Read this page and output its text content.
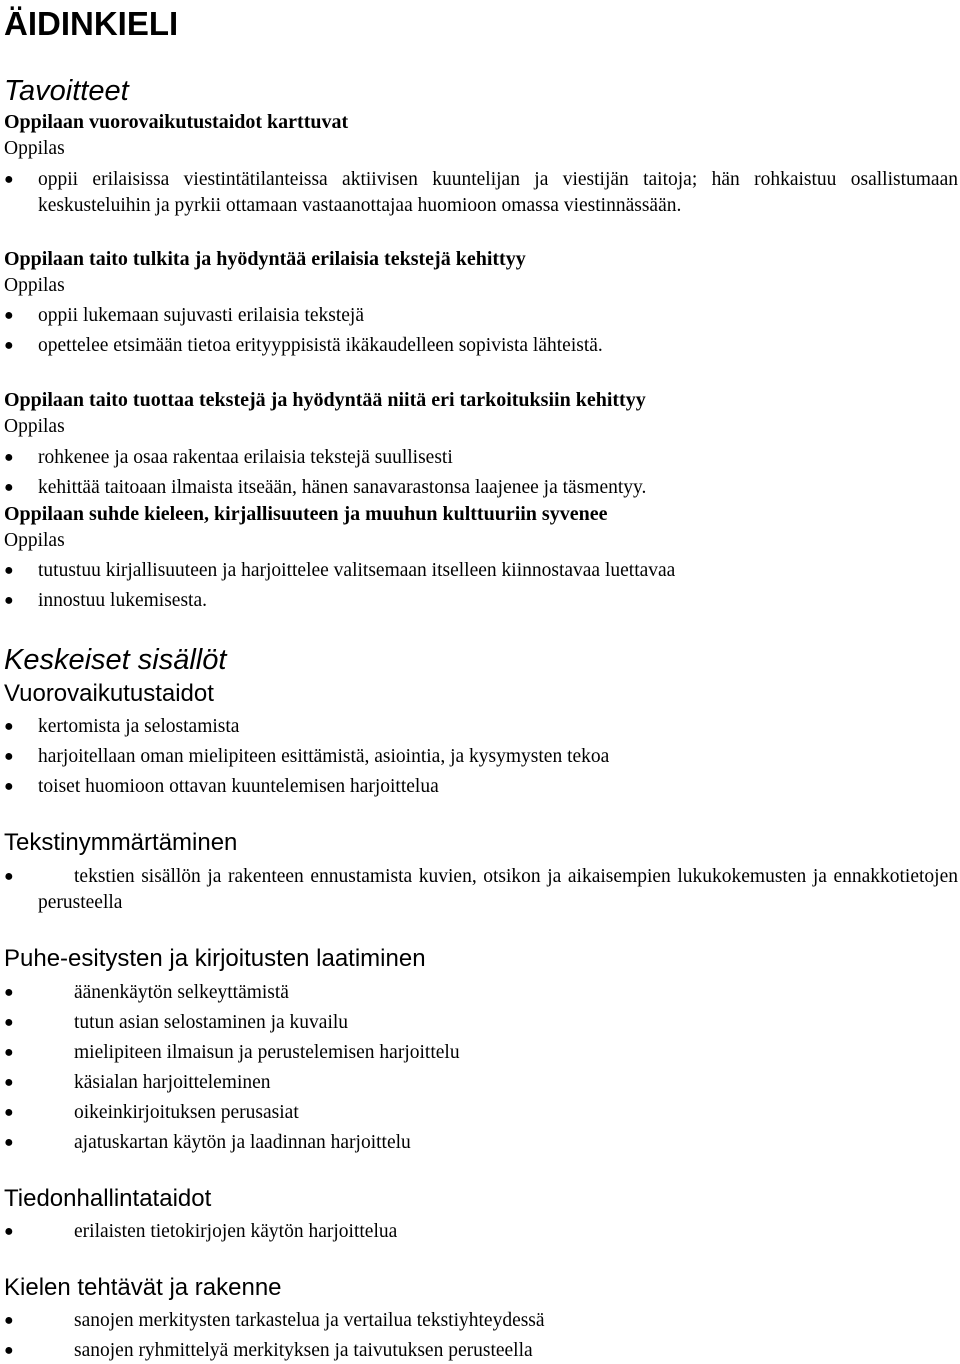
ÄIDINKIELI
Tavoitteet
Oppilaan vuorovaikutustaidot karttuvat
Oppilas
● oppii erilaisissa viestintätilanteissa aktiivisen kuuntelijan ja viestijän taitoja; hän rohkaistuu osallistumaan keskusteluihin ja pyrkii ottamaan vastaanottajaa huomioon omassa viestinnässään.
Oppilaan taito tulkita ja hyödyntää erilaisia tekstejä kehittyy
Oppilas
● oppii lukemaan sujuvasti erilaisia tekstejä
● opettelee etsimään tietoa erityyppisistä ikäkaudelleen sopivista lähteistä.
Oppilaan taito tuottaa tekstejä ja hyödyntää niitä eri tarkoituksiin kehittyy
Oppilas
● rohkenee ja osaa rakentaa erilaisia tekstejä suullisesti
● kehittää taitoaan ilmaista itseään, hänen sanavarastonsa laajenee ja täsmentyy.
Oppilaan suhde kieleen, kirjallisuuteen ja muuhun kulttuuriin syvenee
Oppilas
● tutustuu kirjallisuuteen ja harjoittelee valitsemaan itselleen kiinnostavaa luettavaa
● innostuu lukemisesta.
Keskeiset sisällöt
Vuorovaikutustaidot
● kertomista ja selostamista
● harjoitellaan oman mielipiteen esittämistä, asiointia, ja kysymysten tekoa
● toiset huomioon ottavan kuuntelemisen harjoittelua
Tekstinymmärtäminen
●	tekstien sisällön ja rakenteen ennustamista kuvien, otsikon ja aikaisempien lukukokemusten ja ennakkotietojen perusteella
Puhe-esitysten ja kirjoitusten laatiminen
●	äänenkäytön selkeyttämistä
●	tutun asian selostaminen ja kuvailu
●	mielipiteen ilmaisun ja perustelemisen harjoittelu
●	käsialan harjoitteleminen
●	oikeinkirjoituksen perusasiat
●	ajatuskartan käytön ja laadinnan harjoittelu
Tiedonhallintataidot
●	erilaisten tietokirjojen käytön harjoittelua
Kielen tehtävät ja rakenne
●	sanojen merkitysten tarkastelua ja vertailua tekstiyhteydessä
●	sanojen ryhmittelyä merkityksen ja taivutuksen perusteella
